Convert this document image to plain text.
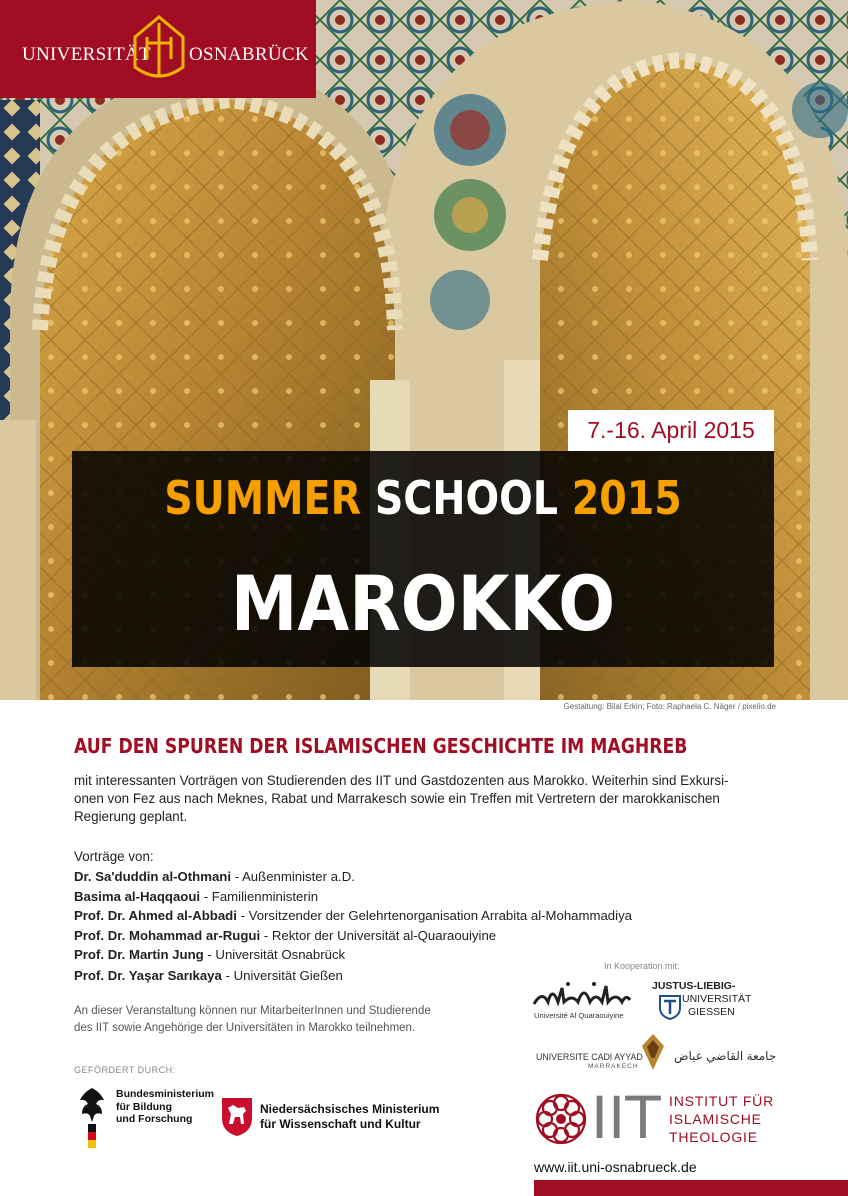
UNIVERSITÄT OSNABRÜCK
7.-16. April 2015
SUMMER SCHOOL 2015
MAROKKO
Gestaltung: Bilal Erkin; Foto: Raphaela C. Näger / pixelio.de
AUF DEN SPUREN DER ISLAMISCHEN GESCHICHTE IM MAGHREB
mit interessanten Vorträgen von Studierenden des IIT und Gastdozenten aus Marokko. Weiterhin sind Exkursi-
onen von Fez aus nach Meknes, Rabat und Marrakesch sowie ein Treffen mit Vertretern der marokkanischen
Regierung geplant.
Vorträge von:
Dr. Sa'duddin al-Othmani - Außenminister a.D.
Basima al-Haqqaoui - Familienministerin
Prof. Dr. Ahmed al-Abbadi - Vorsitzender der Gelehrtenorganisation Arrabita al-Mohammadiya
Prof. Dr. Mohammad ar-Rugui - Rektor der Universität al-Quaraouiyine
Prof. Dr. Martin Jung - Universität Osnabrück
Prof. Dr. Yaşar Sarıkaya - Universität Gießen
An dieser Veranstaltung können nur MitarbeiterInnen und Studierende
des IIT sowie Angehörige der Universitäten in Marokko teilnehmen.
GEFÖRDERT DURCH:
Bundesministerium
für Bildung
und Forschung
Niedersächsisches Ministerium
für Wissenschaft und Kultur
In Kooperation mit:
Université Al Quaraouiyine
JUSTUS-LIEBIG-
UNIVERSITÄT
GIESSEN
UNIVERSITE CADI AYYAD
MARRAKECH
جامعة القاضي عياض
IIT INSTITUT FÜR
ISLAMISCHE
THEOLOGIE
www.iit.uni-osnabrueck.de
